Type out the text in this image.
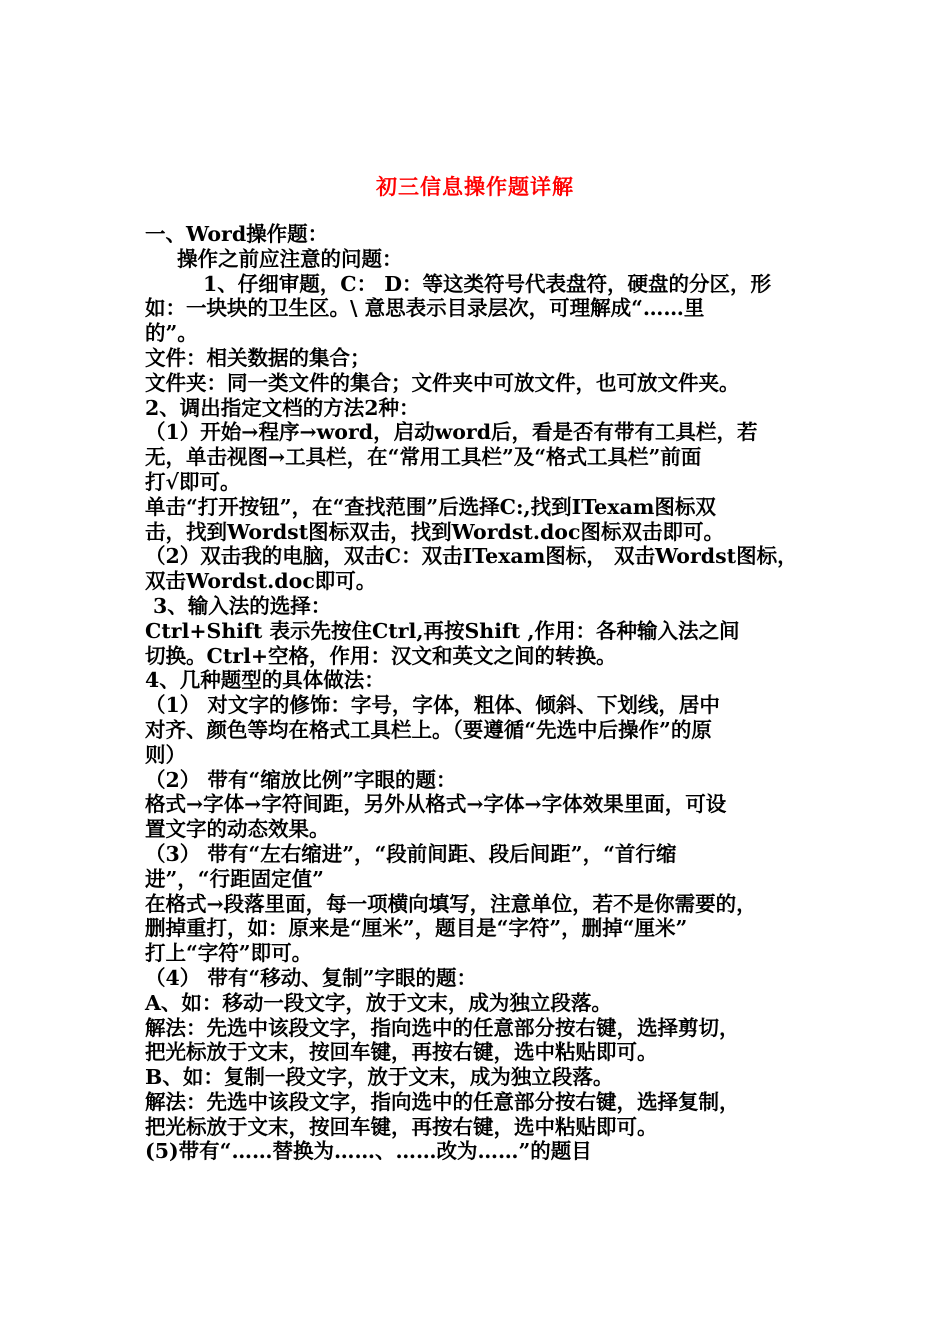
初三信息操作题详解
一、Word操作题：
操作之前应注意的问题：
1、仔细审题，C： D：等这类符号代表盘符，硬盘的分区，形
如：一块块的卫生区。\ 意思表示目录层次，可理解成“……里
的”。
文件：相关数据的集合；
文件夹：同一类文件的集合；文件夹中可放文件，也可放文件夹。
2、调出指定文档的方法2种：
（1）开始→程序→word，启动word后，看是否有带有工具栏，若
无，单击视图→工具栏，在“常用工具栏”及“格式工具栏”前面
打√即可。
单击“打开按钮”，在“查找范围”后选择C:,找到ITexam图标双
击，找到Wordst图标双击，找到Wordst.doc图标双击即可。
（2）双击我的电脑，双击C：双击ITexam图标， 双击Wordst图标，
双击Wordst.doc即可。
3、输入法的选择：
Ctrl+Shift 表示先按住Ctrl,再按Shift ,作用：各种输入法之间
切换。Ctrl+空格，作用：汉文和英文之间的转换。
4、几种题型的具体做法：
（1） 对文字的修饰：字号，字体，粗体、倾斜、下划线，居中
对齐、颜色等均在格式工具栏上。（要遵循“先选中后操作”的原
则）
（2） 带有“缩放比例”字眼的题：
格式→字体→字符间距，另外从格式→字体→字体效果里面，可设
置文字的动态效果。
（3） 带有“左右缩进”，“段前间距、段后间距”，“首行缩
进”，“行距固定值”
在格式→段落里面，每一项横向填写，注意单位，若不是你需要的，
删掉重打，如：原来是“厘米”，题目是“字符”，删掉“厘米”
打上“字符”即可。
（4） 带有“移动、复制”字眼的题：
A、如：移动一段文字，放于文末，成为独立段落。
解法：先选中该段文字，指向选中的任意部分按右键，选择剪切，
把光标放于文末，按回车键，再按右键，选中粘贴即可。
B、如：复制一段文字，放于文末，成为独立段落。
解法：先选中该段文字，指向选中的任意部分按右键，选择复制，
把光标放于文末，按回车键，再按右键，选中粘贴即可。
(5)带有“……替换为……、……改为……”的题目
